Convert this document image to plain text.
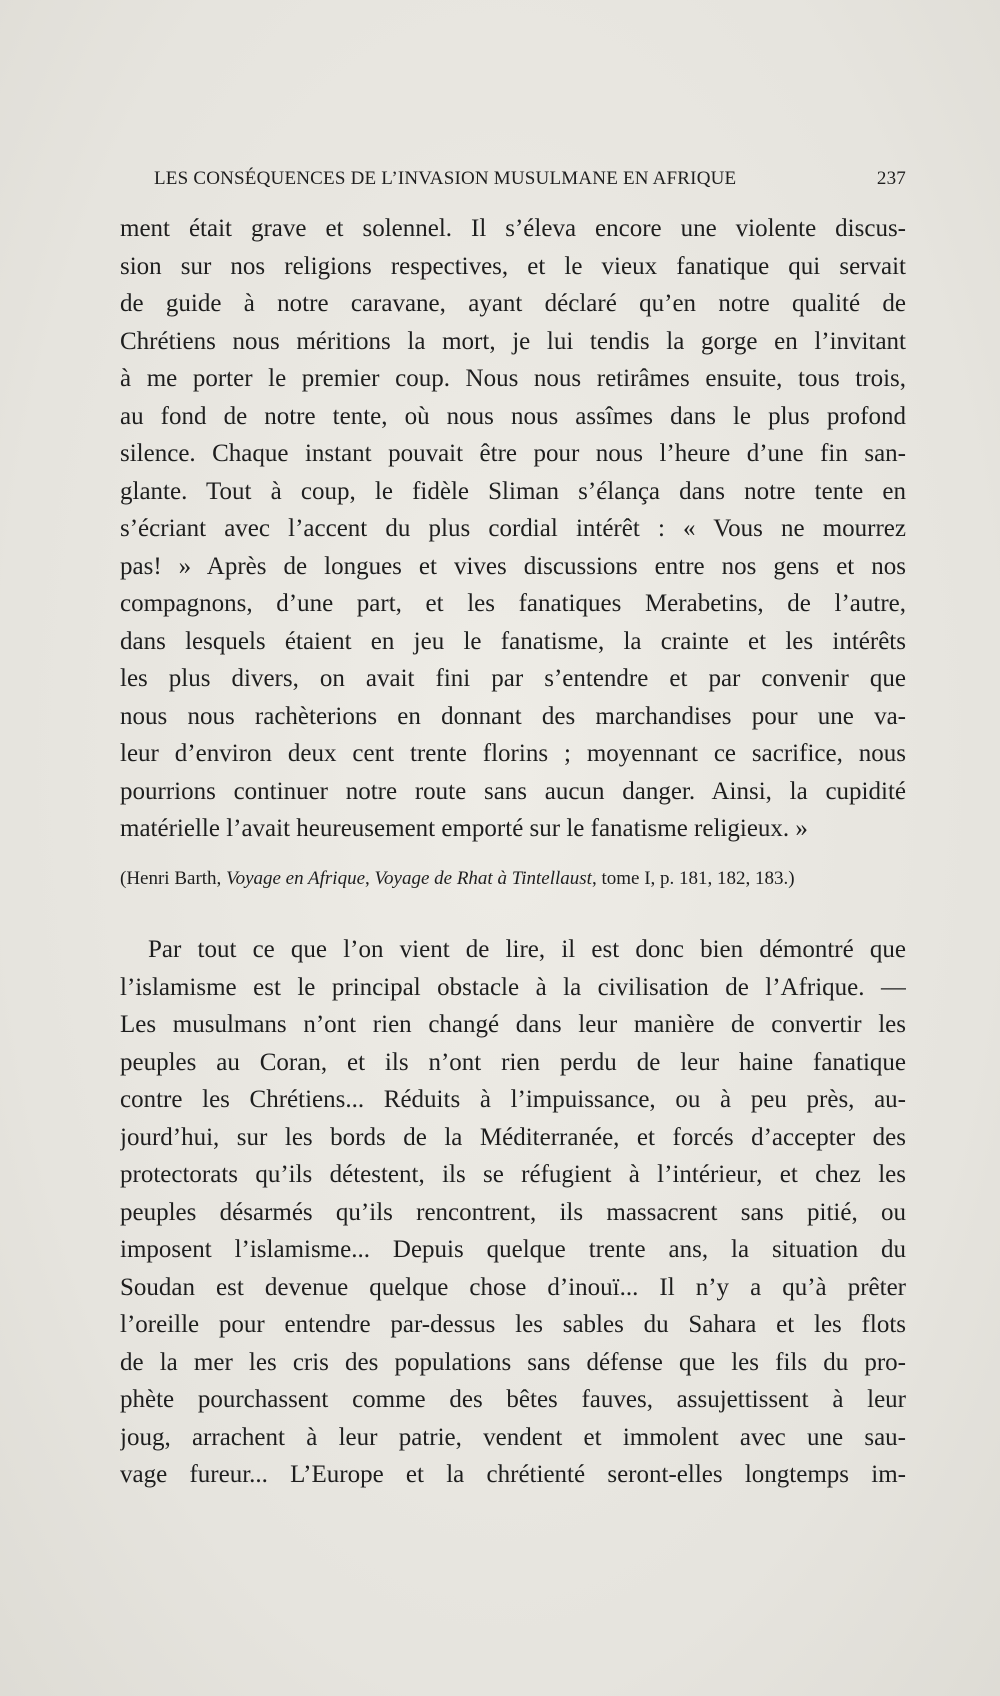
LES CONSÉQUENCES DE L’INVASION MUSULMANE EN AFRIQUE	237
ment était grave et solennel. Il s’éleva encore une violente discus-
sion sur nos religions respectives, et le vieux fanatique qui servait
de guide à notre caravane, ayant déclaré qu’en notre qualité de
Chrétiens nous méritions la mort, je lui tendis la gorge en l’invitant
à me porter le premier coup. Nous nous retirâmes ensuite, tous trois,
au fond de notre tente, où nous nous assîmes dans le plus profond
silence. Chaque instant pouvait être pour nous l’heure d’une fin san-
glante. Tout à coup, le fidèle Sliman s’élança dans notre tente en
s’écriant avec l’accent du plus cordial intérêt : « Vous ne mourrez
pas! » Après de longues et vives discussions entre nos gens et nos
compagnons, d’une part, et les fanatiques Merabetins, de l’autre,
dans lesquels étaient en jeu le fanatisme, la crainte et les intérêts
les plus divers, on avait fini par s’entendre et par convenir que
nous nous rachèterions en donnant des marchandises pour une va-
leur d’environ deux cent trente florins ; moyennant ce sacrifice, nous
pourrions continuer notre route sans aucun danger. Ainsi, la cupidité
matérielle l’avait heureusement emporté sur le fanatisme religieux. »
(Henri Barth, Voyage en Afrique, Voyage de Rhat à Tintellaust, tome I, p. 181, 182, 183.)
Par tout ce que l’on vient de lire, il est donc bien démontré que
l’islamisme est le principal obstacle à la civilisation de l’Afrique. —
Les musulmans n’ont rien changé dans leur manière de convertir les
peuples au Coran, et ils n’ont rien perdu de leur haine fanatique
contre les Chrétiens... Réduits à l’impuissance, ou à peu près, au-
jourd’hui, sur les bords de la Méditerranée, et forcés d’accepter des
protectorats qu’ils détestent, ils se réfugient à l’intérieur, et chez les
peuples désarmés qu’ils rencontrent, ils massacrent sans pitié, ou
imposent l’islamisme... Depuis quelque trente ans, la situation du
Soudan est devenue quelque chose d’inouï... Il n’y a qu’à prêter
l’oreille pour entendre par-dessus les sables du Sahara et les flots
de la mer les cris des populations sans défense que les fils du pro-
phète pourchassent comme des bêtes fauves, assujettissent à leur
joug, arrachent à leur patrie, vendent et immolent avec une sau-
vage fureur... L’Europe et la chrétienté seront-elles longtemps im-
